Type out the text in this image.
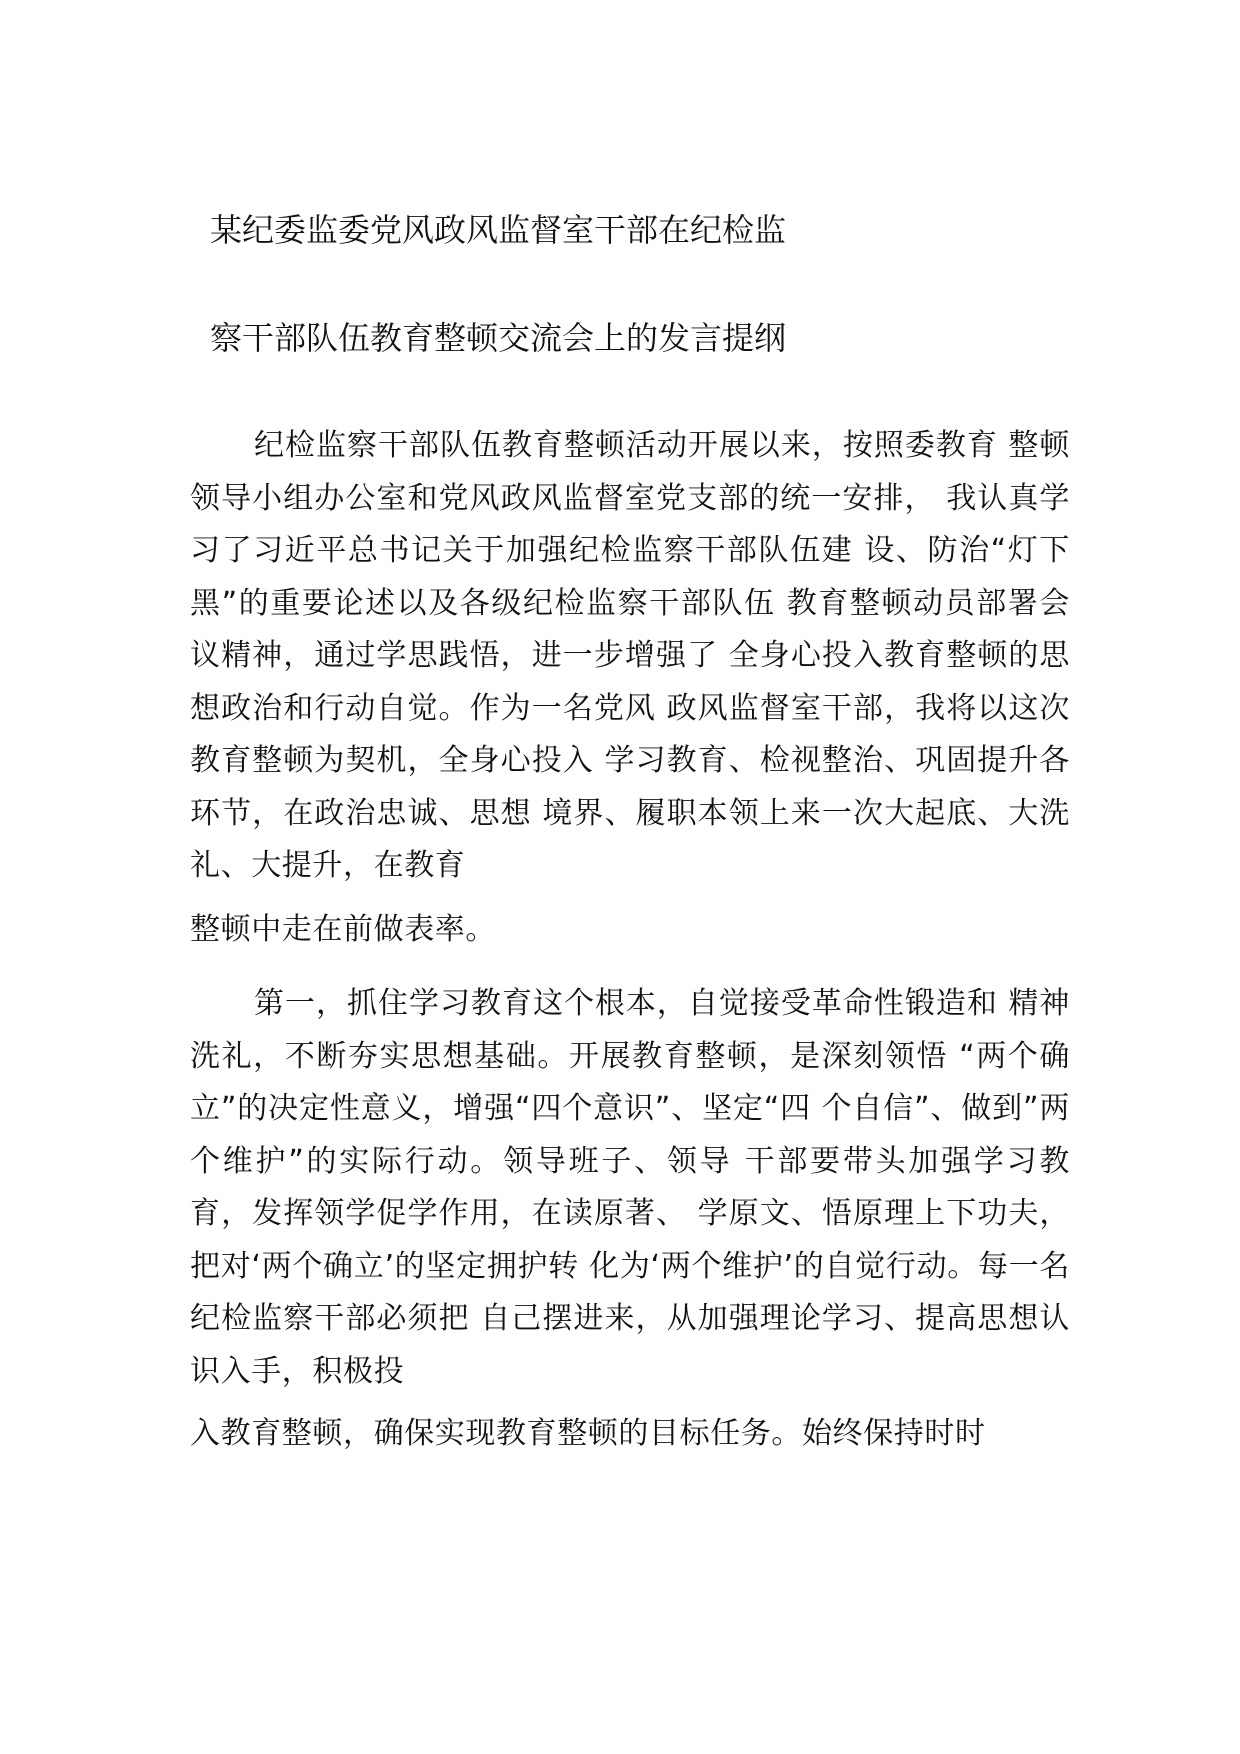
某纪委监委党风政风监督室干部在纪检监
察干部队伍教育整顿交流会上的发言提纲
纪检监察干部队伍教育整顿活动开展以来，按照委教育 整顿领导小组办公室和党风政风监督室党支部的统一安排， 我认真学习了习近平总书记关于加强纪检监察干部队伍建 设、防治“灯下黑”的重要论述以及各级纪检监察干部队伍 教育整顿动员部署会议精神，通过学思践悟，进一步增强了 全身心投入教育整顿的思想政治和行动自觉。作为一名党风 政风监督室干部，我将以这次教育整顿为契机，全身心投入 学习教育、检视整治、巩固提升各环节，在政治忠诚、思想 境界、履职本领上来一次大起底、大洗礼、大提升，在教育
整顿中走在前做表率。
第一，抓住学习教育这个根本，自觉接受革命性锻造和 精神洗礼，不断夯实思想基础。开展教育整顿，是深刻领悟 “两个确立”的决定性意义，增强“四个意识”、坚定“四 个自信”、做到”两个维护”的实际行动。领导班子、领导 干部要带头加强学习教育，发挥领学促学作用，在读原著、 学原文、悟原理上下功夫，把对‘两个确立’的坚定拥护转 化为‘两个维护’的自觉行动。每一名纪检监察干部必须把 自己摆进来，从加强理论学习、提高思想认识入手，积极投
入教育整顿，确保实现教育整顿的目标任务。始终保持时时
